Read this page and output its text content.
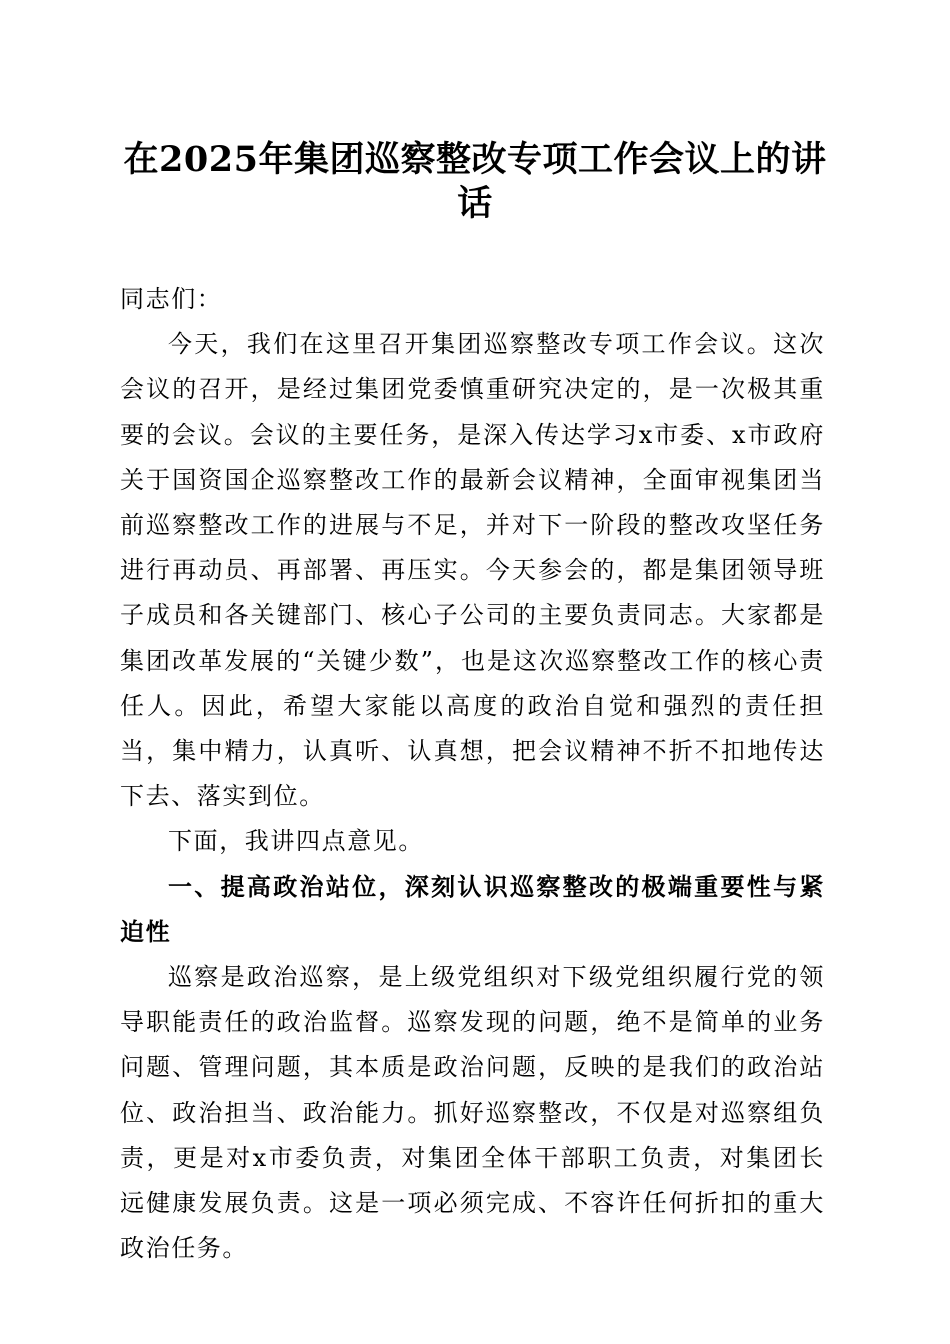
在2025年集团巡察整改专项工作会议上的讲话

同志们：

今天，我们在这里召开集团巡察整改专项工作会议。这次会议的召开，是经过集团党委慎重研究决定的，是一次极其重要的会议。会议的主要任务，是深入传达学习x市委、x市政府关于国资国企巡察整改工作的最新会议精神，全面审视集团当前巡察整改工作的进展与不足，并对下一阶段的整改攻坚任务进行再动员、再部署、再压实。今天参会的，都是集团领导班子成员和各关键部门、核心子公司的主要负责同志。大家都是集团改革发展的“关键少数”，也是这次巡察整改工作的核心责任人。因此，希望大家能以高度的政治自觉和强烈的责任担当，集中精力，认真听、认真想，把会议精神不折不扣地传达下去、落实到位。

下面，我讲四点意见。

一、提高政治站位，深刻认识巡察整改的极端重要性与紧迫性

巡察是政治巡察，是上级党组织对下级党组织履行党的领导职能责任的政治监督。巡察发现的问题，绝不是简单的业务问题、管理问题，其本质是政治问题，反映的是我们的政治站位、政治担当、政治能力。抓好巡察整改，不仅是对巡察组负责，更是对x市委负责，对集团全体干部职工负责，对集团长远健康发展负责。这是一项必须完成、不容许任何折扣的重大政治任务。
